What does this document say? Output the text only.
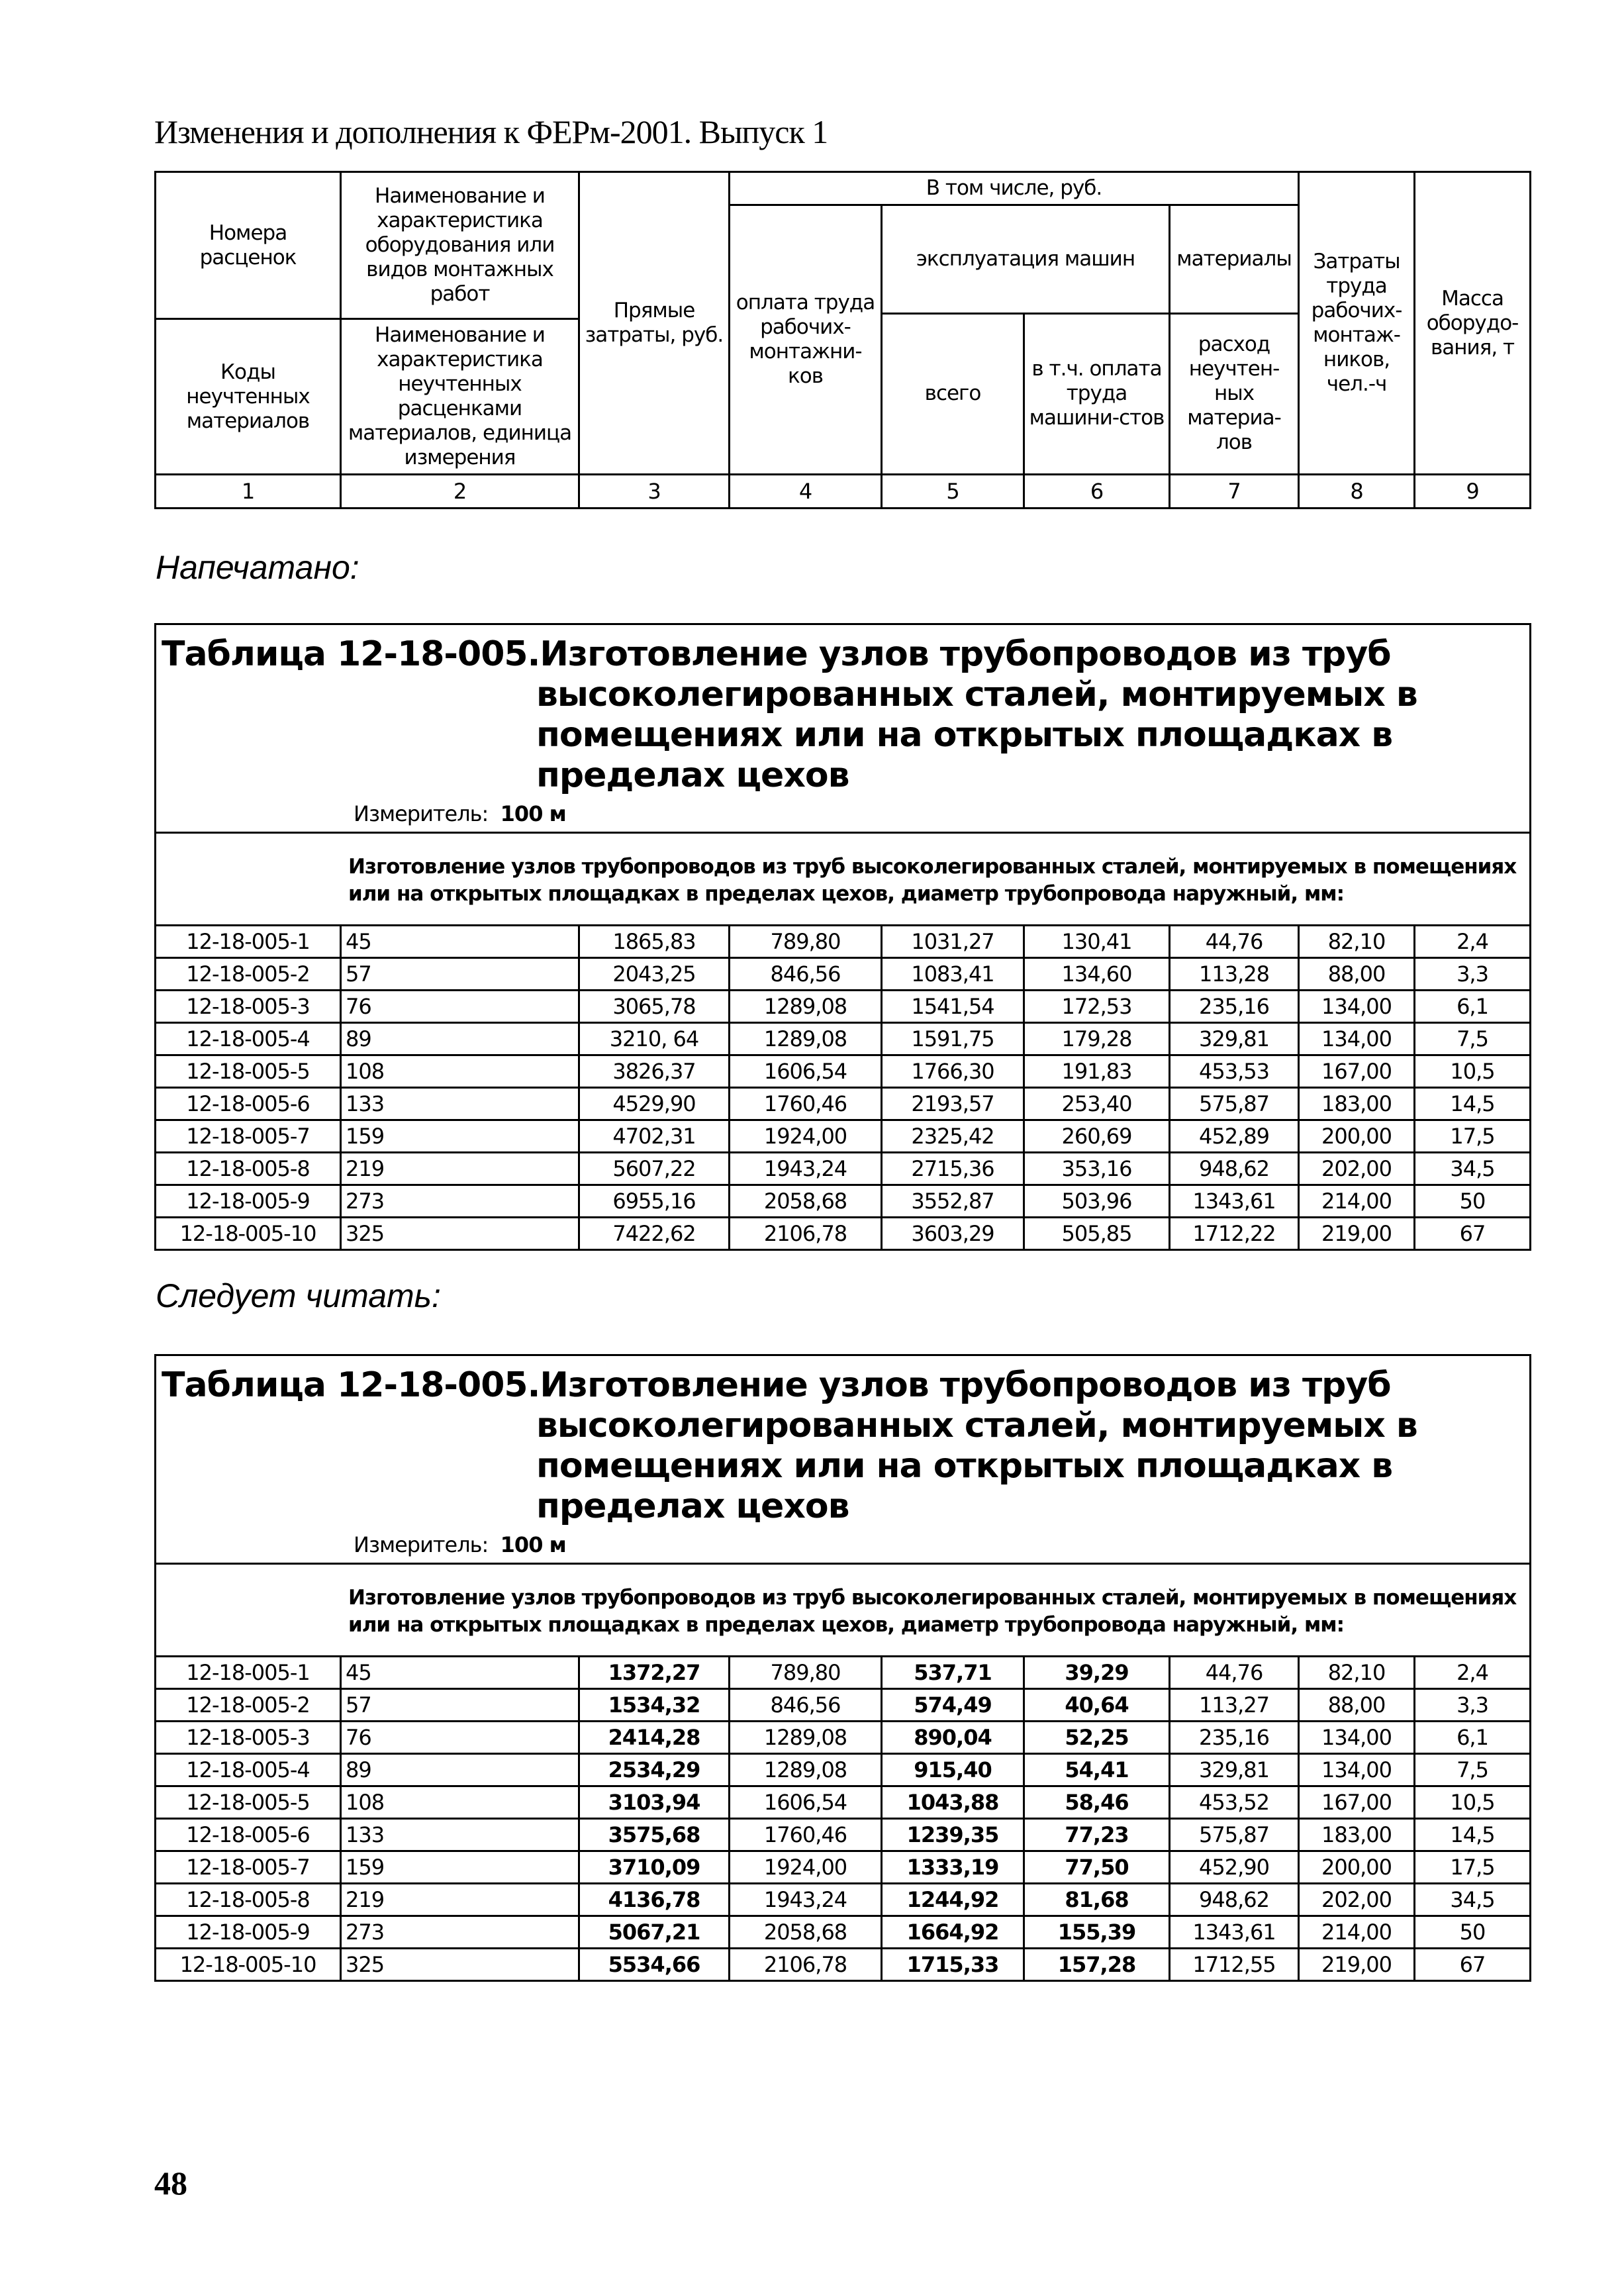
Изменения и дополнения к ФЕРм-2001. Выпуск 1
Номера расценок	Наименование и характеристика оборудования или видов монтажных работ	Прямые затраты, руб.	В том числе, руб.				Затраты труда рабочих-монтаж-ников, чел.-ч	Масса оборудо-вания, т
			оплата труда рабочих-монтажни-ков	эксплуатация машин		материалы		
				всего	в т.ч. оплата труда машини-стов	расход неучтен-ных материа-лов		
Коды неучтенных материалов	Наименование и характеристика неучтенных расценками материалов, единица измерения							

1	2	3	4	5	6	7	8	9
Напечатано:
Таблица 12-18-005. Изготовление узлов трубопроводов из труб
высоколегированных сталей, монтируемых в помещениях или на открытых площадках в пределах цехов
Измеритель: 100 м								

Изготовление узлов трубопроводов из труб высоколегированных сталей, монтируемых в помещениях или на открытых площадках в пределах цехов, диаметр трубопровода наружный, мм:								
12-18-005-1	45	1865,83	789,80	1031,27	130,41	44,76	82,10	2,4
12-18-005-2	57	2043,25	846,56	1083,41	134,60	113,28	88,00	3,3
12-18-005-3	76	3065,78	1289,08	1541,54	172,53	235,16	134,00	6,1
12-18-005-4	89	3210, 64	1289,08	1591,75	179,28	329,81	134,00	7,5
12-18-005-5	108	3826,37	1606,54	1766,30	191,83	453,53	167,00	10,5
12-18-005-6	133	4529,90	1760,46	2193,57	253,40	575,87	183,00	14,5
12-18-005-7	159	4702,31	1924,00	2325,42	260,69	452,89	200,00	17,5
12-18-005-8	219	5607,22	1943,24	2715,36	353,16	948,62	202,00	34,5
12-18-005-9	273	6955,16	2058,68	3552,87	503,96	1343,61	214,00	50
12-18-005-10	325	7422,62	2106,78	3603,29	505,85	1712,22	219,00	67
Следует читать:
Таблица 12-18-005. Изготовление узлов трубопроводов из труб
высоколегированных сталей, монтируемых в помещениях или на открытых площадках в пределах цехов
Измеритель: 100 м								

Изготовление узлов трубопроводов из труб высоколегированных сталей, монтируемых в помещениях или на открытых площадках в пределах цехов, диаметр трубопровода наружный, мм:								
12-18-005-1	45	1372,27	789,80	537,71	39,29	44,76	82,10	2,4
12-18-005-2	57	1534,32	846,56	574,49	40,64	113,27	88,00	3,3
12-18-005-3	76	2414,28	1289,08	890,04	52,25	235,16	134,00	6,1
12-18-005-4	89	2534,29	1289,08	915,40	54,41	329,81	134,00	7,5
12-18-005-5	108	3103,94	1606,54	1043,88	58,46	453,52	167,00	10,5
12-18-005-6	133	3575,68	1760,46	1239,35	77,23	575,87	183,00	14,5
12-18-005-7	159	3710,09	1924,00	1333,19	77,50	452,90	200,00	17,5
12-18-005-8	219	4136,78	1943,24	1244,92	81,68	948,62	202,00	34,5
12-18-005-9	273	5067,21	2058,68	1664,92	155,39	1343,61	214,00	50
12-18-005-10	325	5534,66	2106,78	1715,33	157,28	1712,55	219,00	67
48
